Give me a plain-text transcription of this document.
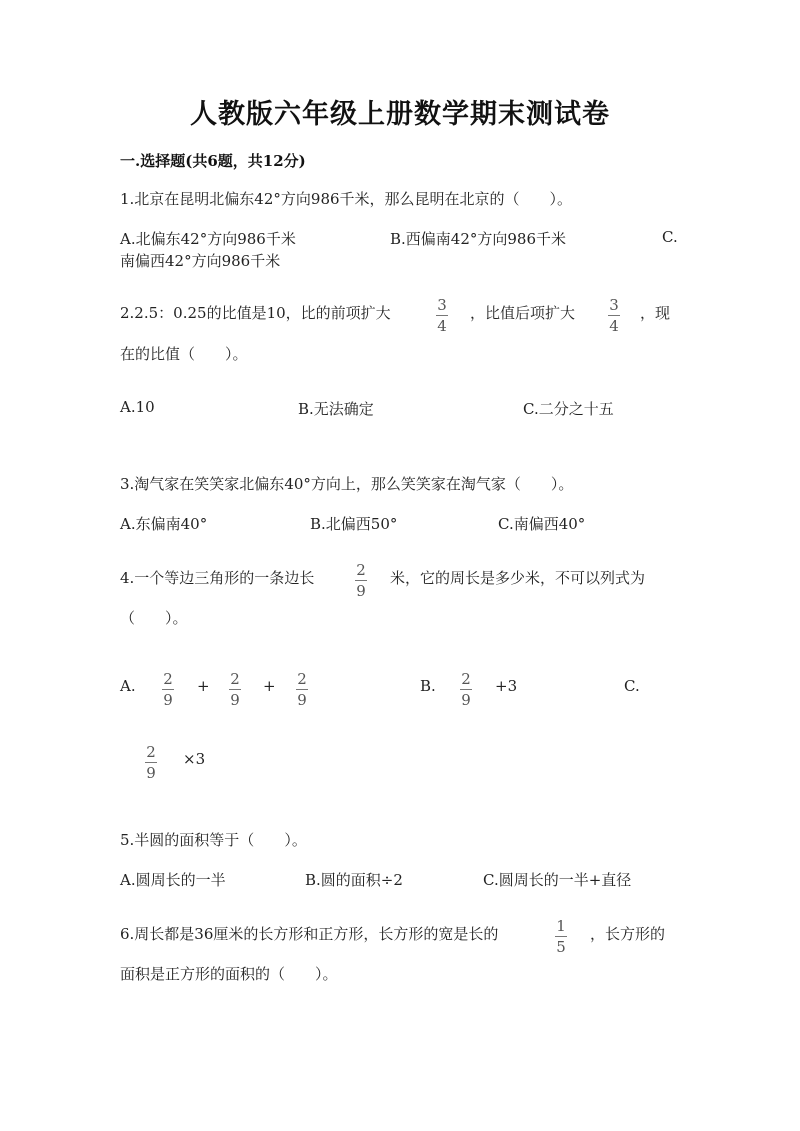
人教版六年级上册数学期末测试卷
一.选择题(共6题，共12分)
1.北京在昆明北偏东42°方向986千米，那么昆明在北京的（　　）。
A.北偏东42°方向986千米	B.西偏南42°方向986千米	C.
南偏西42°方向986千米
2.2.5：0.25的比值是10，比的前项扩大	3
4
，比值后项扩大 3
4
，现
在的比值（　　）。
A.10	B.无法确定	C.二分之十五
3.淘气家在笑笑家北偏东40°方向上，那么笑笑家在淘气家（　　）。
A.东偏南40°	B.北偏西50°	C.南偏西40°
4.一个等边三角形的一条边长	2
9
米，它的周长是多少米，不可以列式为
（　　）。
A. 2
9
+ 2
9
+ 2
9
B. 2
9
+3	C.
2
9
×3
5.半圆的面积等于（　　）。
A.圆周长的一半	B.圆的面积÷2	C.圆周长的一半+直径
6.周长都是36厘米的长方形和正方形，长方形的宽是长的	1
5
，长方形的
面积是正方形的面积的（　　）。
